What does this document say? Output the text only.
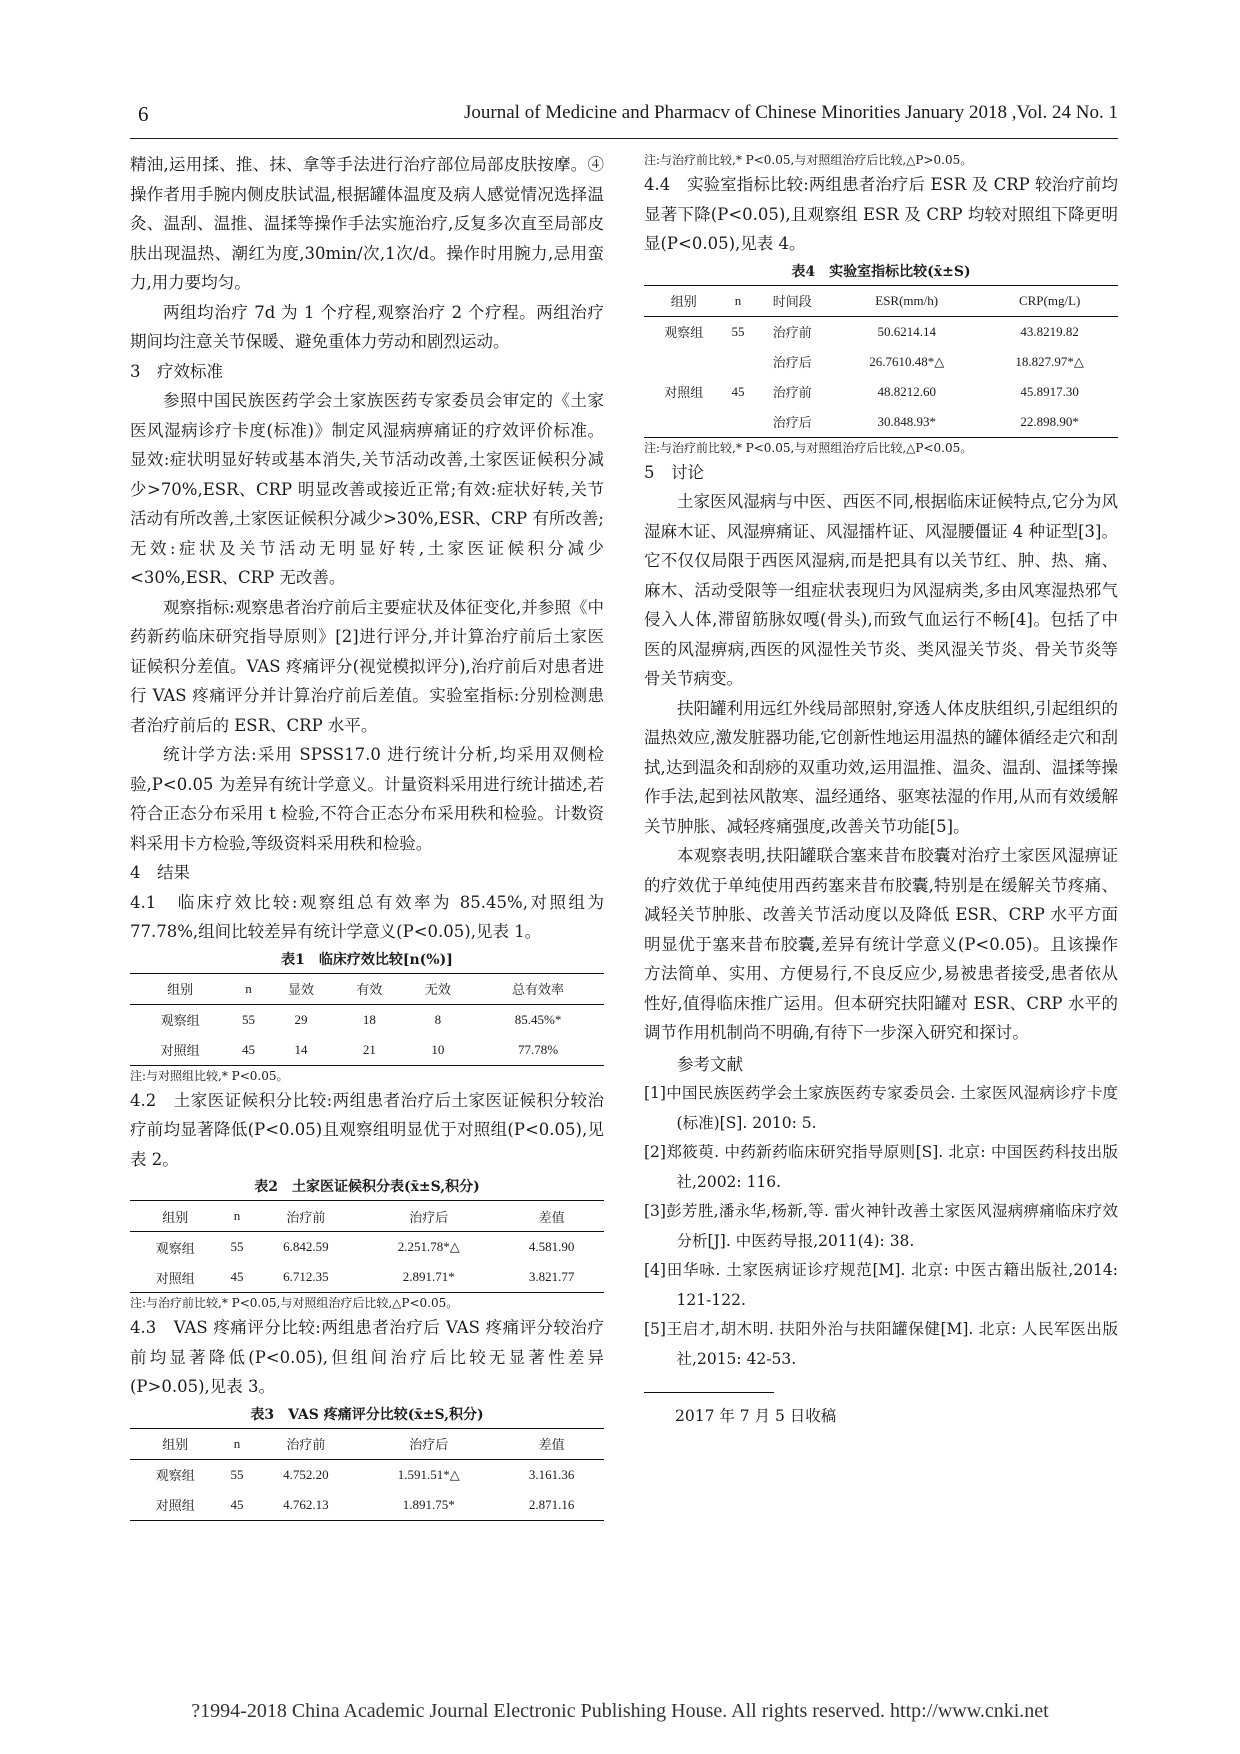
6	Journal of Medicine and Pharmacv of Chinese Minorities January 2018 ,Vol. 24 No. 1

精油,运用揉、推、抹、拿等手法进行治疗部位局部皮肤按摩。④操作者用手腕内侧皮肤试温,根据罐体温度及病人感觉情况选择温灸、温刮、温推、温揉等操作手法实施治疗,反复多次直至局部皮肤出现温热、潮红为度,30min/次,1次/d。操作时用腕力,忌用蛮力,用力要均匀。

两组均治疗 7d 为 1 个疗程,观察治疗 2 个疗程。两组治疗期间均注意关节保暖、避免重体力劳动和剧烈运动。

3　疗效标准

参照中国民族医药学会土家族医药专家委员会审定的《土家医风湿病诊疗卡度(标准)》制定风湿病痹痛证的疗效评价标准。显效:症状明显好转或基本消失,关节活动改善,土家医证候积分减少>70%,ESR、CRP 明显改善或接近正常;有效:症状好转,关节活动有所改善,土家医证候积分减少>30%,ESR、CRP 有所改善;无效:症状及关节活动无明显好转,土家医证候积分减少<30%,ESR、CRP 无改善。

观察指标:观察患者治疗前后主要症状及体征变化,并参照《中药新药临床研究指导原则》[2]进行评分,并计算治疗前后土家医证候积分差值。VAS 疼痛评分(视觉模拟评分),治疗前后对患者进行 VAS 疼痛评分并计算治疗前后差值。实验室指标:分别检测患者治疗前后的 ESR、CRP 水平。

统计学方法:采用 SPSS17.0 进行统计分析,均采用双侧检验,P<0.05 为差异有统计学意义。计量资料采用进行统计描述,若符合正态分布采用 t 检验,不符合正态分布采用秩和检验。计数资料采用卡方检验,等级资料采用秩和检验。

4　结果

4.1　临床疗效比较:观察组总有效率为 85.45%,对照组为 77.78%,组间比较差异有统计学意义(P<0.05),见表 1。

表1　临床疗效比较[n(%)]
组别	n	显效	有效	无效	总有效率
观察组	55	29	18	8	85.45%*
对照组	45	14	21	10	77.78%
注:与对照组比较,* P<0.05。

4.2　土家医证候积分比较:两组患者治疗后土家医证候积分较治疗前均显著降低(P<0.05)且观察组明显优于对照组(P<0.05),见表 2。

表2　土家医证候积分表(x̄±S,积分)
组别	n	治疗前	治疗后	差值
观察组	55	6.842.59	2.251.78*△	4.581.90
对照组	45	6.712.35	2.891.71*	3.821.77
注:与治疗前比较,* P<0.05,与对照组治疗后比较,△P<0.05。

4.3　VAS 疼痛评分比较:两组患者治疗后 VAS 疼痛评分较治疗前均显著降低(P<0.05),但组间治疗后比较无显著性差异(P>0.05),见表 3。

表3　VAS 疼痛评分比较(x̄±S,积分)
组别	n	治疗前	治疗后	差值
观察组	55	4.752.20	1.591.51*△	3.161.36
对照组	45	4.762.13	1.891.75*	2.871.16
注:与治疗前比较,* P<0.05,与对照组治疗后比较,△P>0.05。

4.4　实验室指标比较:两组患者治疗后 ESR 及 CRP 较治疗前均显著下降(P<0.05),且观察组 ESR 及 CRP 均较对照组下降更明显(P<0.05),见表 4。

表4　实验室指标比较(x̄±S)
组别	n	时间段	ESR(mm/h)	CRP(mg/L)
观察组	55	治疗前	50.6214.14	43.8219.82
		治疗后	26.7610.48*△	18.827.97*△
对照组	45	治疗前	48.8212.60	45.8917.30
		治疗后	30.848.93*	22.898.90*
注:与治疗前比较,* P<0.05,与对照组治疗后比较,△P<0.05。
5　讨论

土家医风湿病与中医、西医不同,根据临床证候特点,它分为风湿麻木证、风湿痹痛证、风湿擂杵证、风湿腰僵证 4 种证型[3]。它不仅仅局限于西医风湿病,而是把具有以关节红、肿、热、痛、麻木、活动受限等一组症状表现归为风湿病类,多由风寒湿热邪气侵入人体,滞留筋脉奴嘎(骨头),而致气血运行不畅[4]。包括了中医的风湿痹病,西医的风湿性关节炎、类风湿关节炎、骨关节炎等骨关节病变。

扶阳罐利用远红外线局部照射,穿透人体皮肤组织,引起组织的温热效应,激发脏器功能,它创新性地运用温热的罐体循经走穴和刮拭,达到温灸和刮痧的双重功效,运用温推、温灸、温刮、温揉等操作手法,起到祛风散寒、温经通络、驱寒祛湿的作用,从而有效缓解关节肿胀、减轻疼痛强度,改善关节功能[5]。

本观察表明,扶阳罐联合塞来昔布胶囊对治疗土家医风湿痹证的疗效优于单纯使用西药塞来昔布胶囊,特别是在缓解关节疼痛、减轻关节肿胀、改善关节活动度以及降低 ESR、CRP 水平方面明显优于塞来昔布胶囊,差异有统计学意义(P<0.05)。且该操作方法简单、实用、方便易行,不良反应少,易被患者接受,患者依从性好,值得临床推广运用。但本研究扶阳罐对 ESR、CRP 水平的调节作用机制尚不明确,有待下一步深入研究和探讨。

参考文献
[1]中国民族医药学会土家族医药专家委员会. 土家医风湿病诊疗卡度(标准)[S]. 2010: 5.
[2]郑筱萸. 中药新药临床研究指导原则[S]. 北京: 中国医药科技出版社,2002: 116.
[3]彭芳胜,潘永华,杨新,等. 雷火神针改善土家医风湿病痹痛临床疗效分析[J]. 中医药导报,2011(4): 38.
[4]田华咏. 土家医病证诊疗规范[M]. 北京: 中医古籍出版社,2014: 121-122.
[5]王启才,胡木明. 扶阳外治与扶阳罐保健[M]. 北京: 人民军医出版社,2015: 42-53.
2017 年 7 月 5 日收稿
?1994-2018 China Academic Journal Electronic Publishing House. All rights reserved. http://www.cnki.net
